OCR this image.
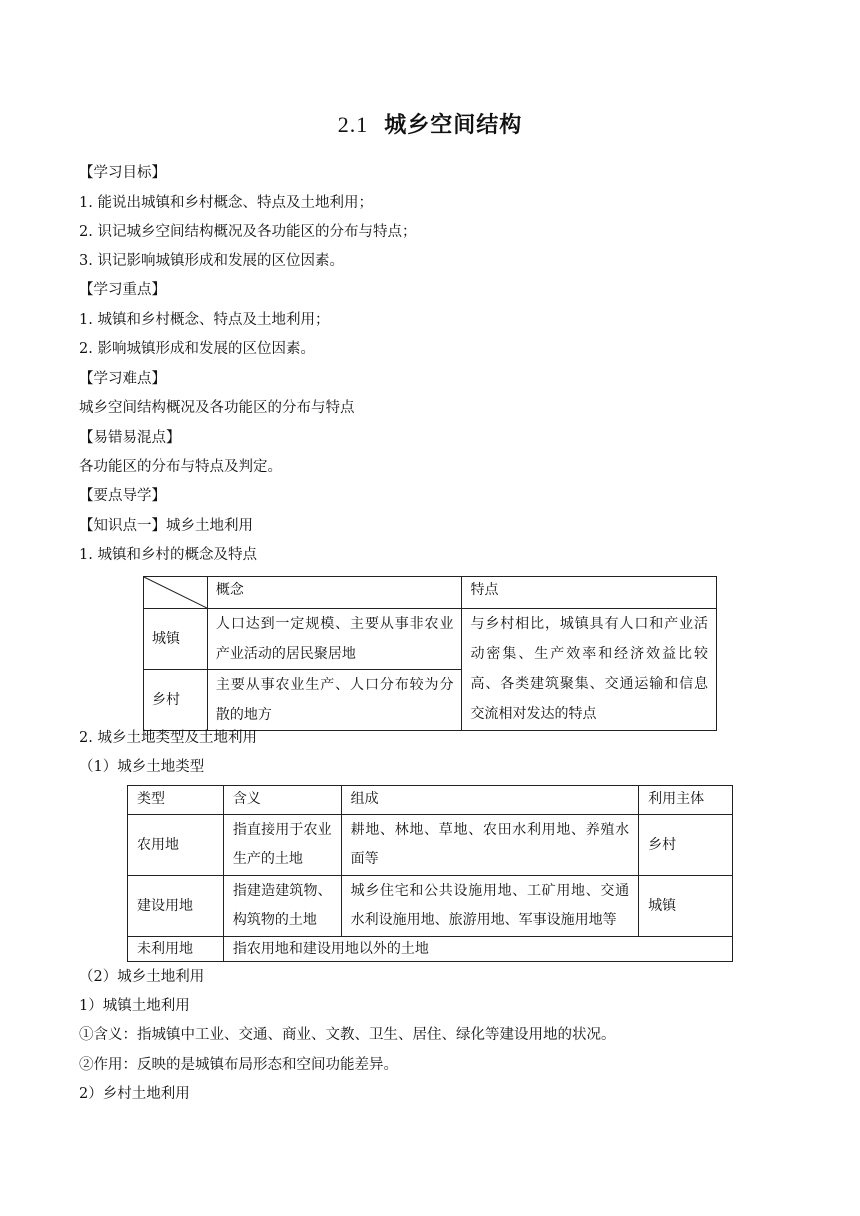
2.1 城乡空间结构
【学习目标】
1. 能说出城镇和乡村概念、特点及土地利用；
2. 识记城乡空间结构概况及各功能区的分布与特点；
3. 识记影响城镇形成和发展的区位因素。
【学习重点】
1. 城镇和乡村概念、特点及土地利用；
2. 影响城镇形成和发展的区位因素。
【学习难点】
城乡空间结构概况及各功能区的分布与特点
【易错易混点】
各功能区的分布与特点及判定。
【要点导学】
【知识点一】城乡土地利用
1. 城镇和乡村的概念及特点
	概念	特点
城镇	人口达到一定规模、主要从事非农业产业活动的居民聚居地	与乡村相比，城镇具有人口和产业活动密集、生产效率和经济效益比较高、各类建筑聚集、交通运输和信息交流相对发达的特点
乡村	主要从事农业生产、人口分布较为分散的地方	
2. 城乡土地类型及土地利用
（1）城乡土地类型
类型	含义	组成	利用主体
农用地	指直接用于农业生产的土地	耕地、林地、草地、农田水利用地、养殖水面等	乡村
建设用地	指建造建筑物、构筑物的土地	城乡住宅和公共设施用地、工矿用地、交通水利设施用地、旅游用地、军事设施用地等	城镇
未利用地	指农用地和建设用地以外的土地		
（2）城乡土地利用
1）城镇土地利用
①含义：指城镇中工业、交通、商业、文教、卫生、居住、绿化等建设用地的状况。
②作用：反映的是城镇布局形态和空间功能差异。
2）乡村土地利用
